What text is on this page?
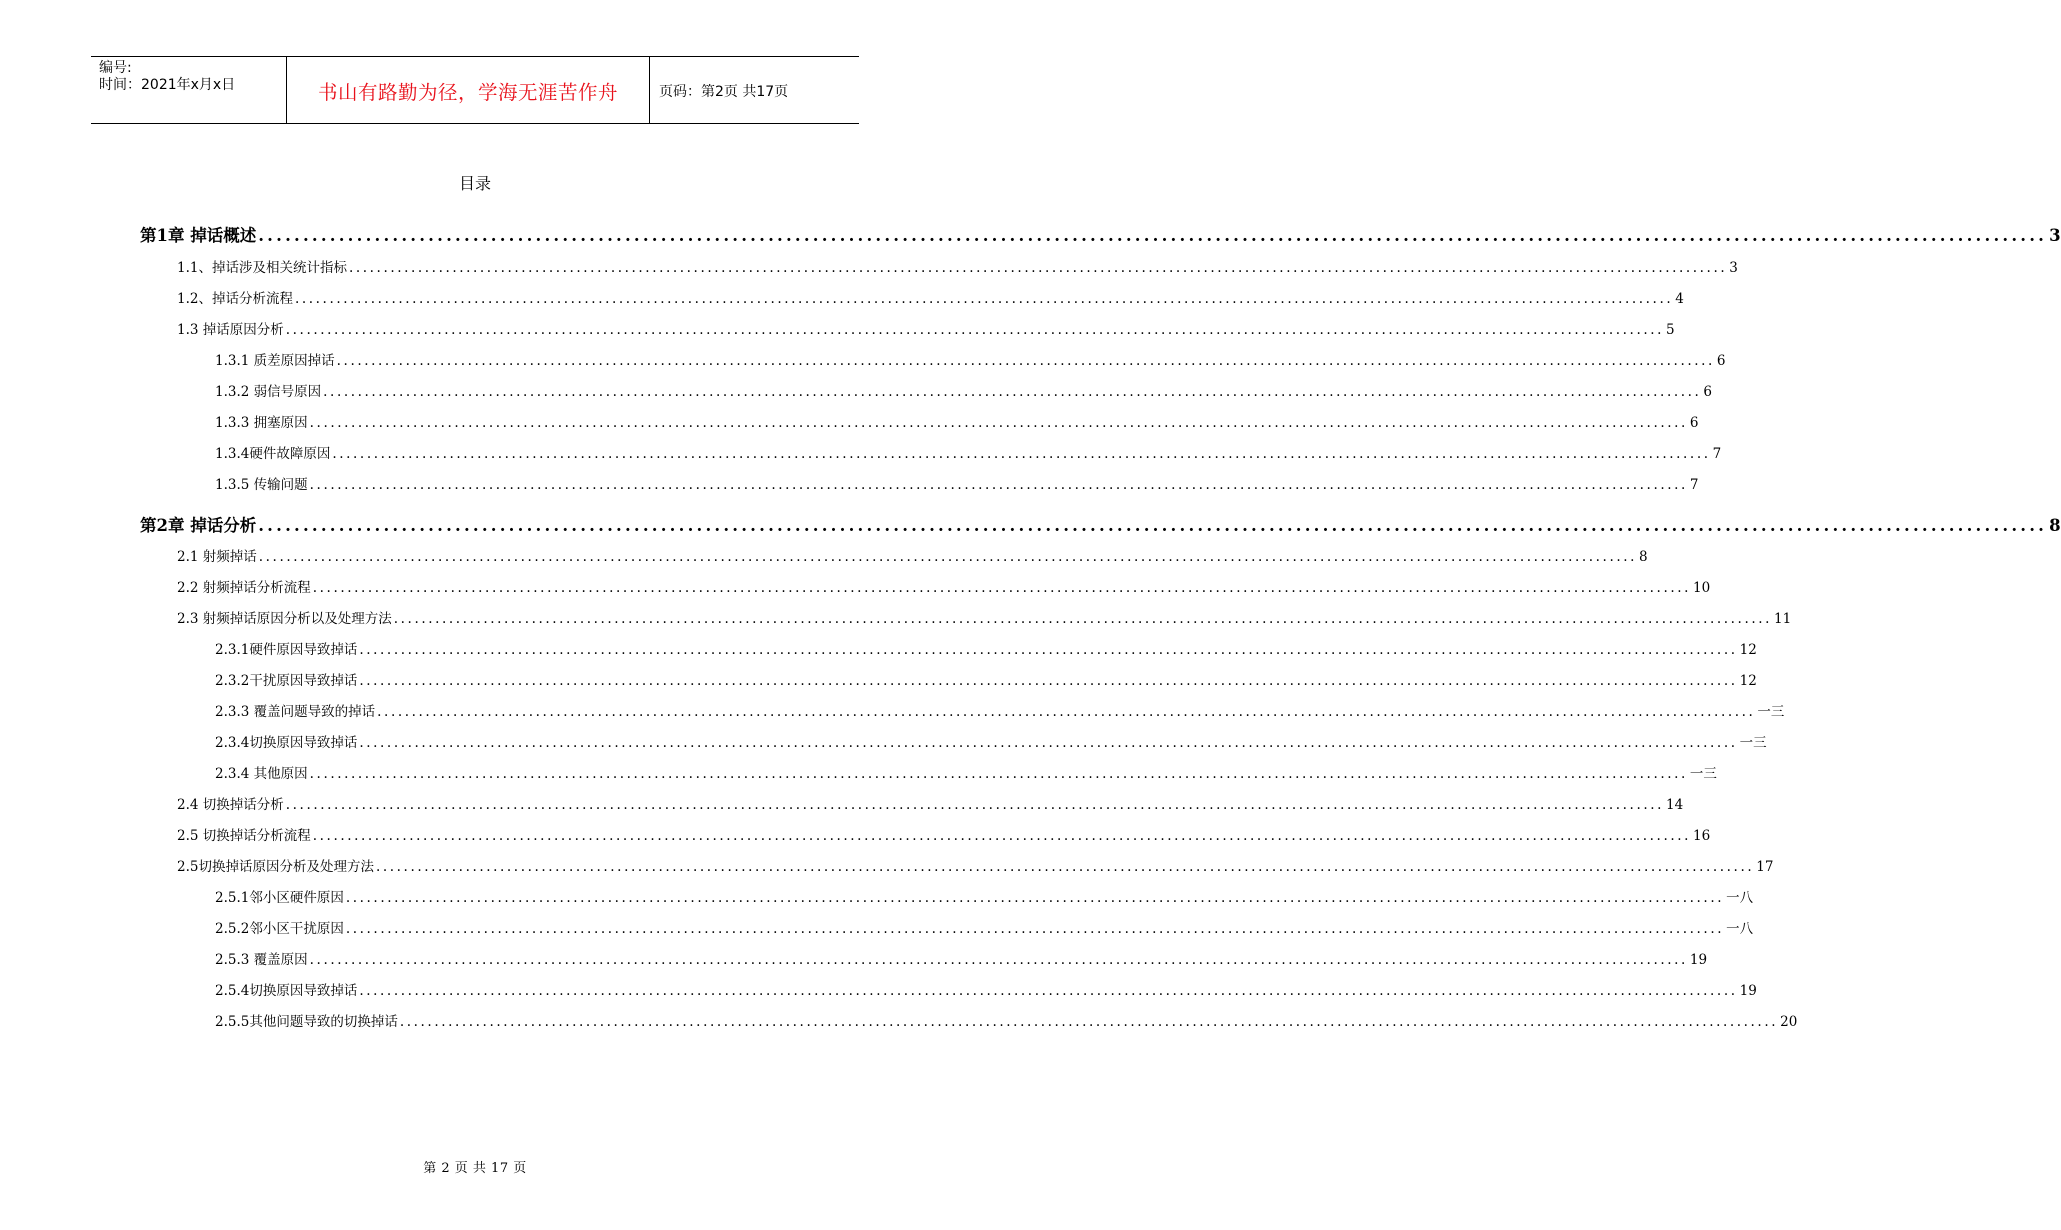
编号:
时间：2021年x月x日	书山有路勤为径，学海无涯苦作舟	页码：第2页 共17页
目录
第1章 掉话概述 ........................................................................................................................................................................................................ 3
1.1、掉话涉及相关统计指标 ........................................................................................................................................................................................................ 3
1.2、掉话分析流程 ........................................................................................................................................................................................................ 4
1.3 掉话原因分析 ........................................................................................................................................................................................................ 5
1.3.1 质差原因掉话 ........................................................................................................................................................................................................ 6
1.3.2 弱信号原因 ........................................................................................................................................................................................................ 6
1.3.3 拥塞原因 ........................................................................................................................................................................................................ 6
1.3.4硬件故障原因 ........................................................................................................................................................................................................ 7
1.3.5 传输问题 ........................................................................................................................................................................................................ 7
第2章 掉话分析 ........................................................................................................................................................................................................ 8
2.1 射频掉话 ........................................................................................................................................................................................................ 8
2.2 射频掉话分析流程 ........................................................................................................................................................................................................ 10
2.3 射频掉话原因分析以及处理方法 ........................................................................................................................................................................................................ 11
2.3.1硬件原因导致掉话 ........................................................................................................................................................................................................ 12
2.3.2干扰原因导致掉话 ........................................................................................................................................................................................................ 12
2.3.3 覆盖问题导致的掉话 ........................................................................................................................................................................................................ 一三
2.3.4切换原因导致掉话 ........................................................................................................................................................................................................ 一三
2.3.4 其他原因 ........................................................................................................................................................................................................ 一三
2.4 切换掉话分析 ........................................................................................................................................................................................................ 14
2.5 切换掉话分析流程 ........................................................................................................................................................................................................ 16
2.5切换掉话原因分析及处理方法 ........................................................................................................................................................................................................ 17
2.5.1邻小区硬件原因 ........................................................................................................................................................................................................ 一八
2.5.2邻小区干扰原因 ........................................................................................................................................................................................................ 一八
2.5.3 覆盖原因 ........................................................................................................................................................................................................ 19
2.5.4切换原因导致掉话 ........................................................................................................................................................................................................ 19
2.5.5其他问题导致的切换掉话 ........................................................................................................................................................................................................ 20
第 2 页 共 17 页
